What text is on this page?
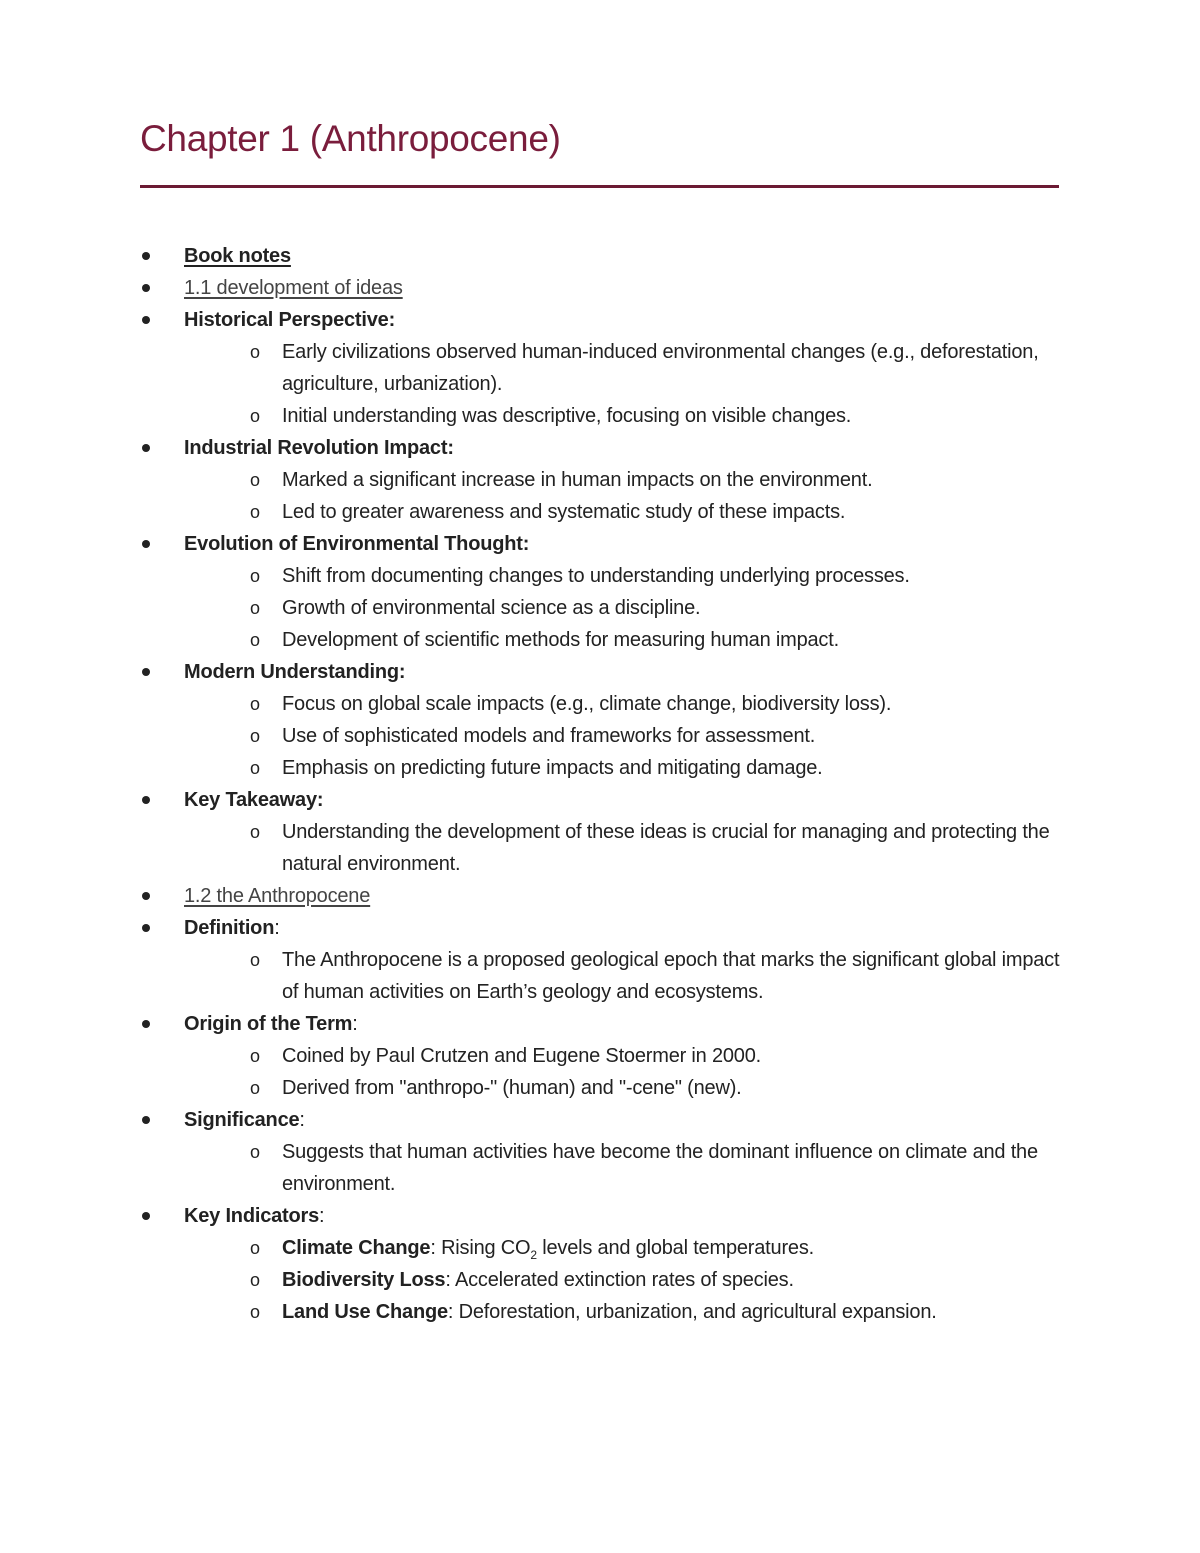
Chapter 1 (Anthropocene)
Book notes
1.1 development of ideas
Historical Perspective:
o Early civilizations observed human-induced environmental changes (e.g., deforestation, agriculture, urbanization).
o Initial understanding was descriptive, focusing on visible changes.
Industrial Revolution Impact:
o Marked a significant increase in human impacts on the environment.
o Led to greater awareness and systematic study of these impacts.
Evolution of Environmental Thought:
o Shift from documenting changes to understanding underlying processes.
o Growth of environmental science as a discipline.
o Development of scientific methods for measuring human impact.
Modern Understanding:
o Focus on global scale impacts (e.g., climate change, biodiversity loss).
o Use of sophisticated models and frameworks for assessment.
o Emphasis on predicting future impacts and mitigating damage.
Key Takeaway:
o Understanding the development of these ideas is crucial for managing and protecting the natural environment.
1.2 the Anthropocene
Definition:
o The Anthropocene is a proposed geological epoch that marks the significant global impact of human activities on Earth’s geology and ecosystems.
Origin of the Term:
o Coined by Paul Crutzen and Eugene Stoermer in 2000.
o Derived from "anthropo-" (human) and "-cene" (new).
Significance:
o Suggests that human activities have become the dominant influence on climate and the environment.
Key Indicators:
o Climate Change: Rising $CO_2$ levels and global temperatures.
o Biodiversity Loss: Accelerated extinction rates of species.
o Land Use Change: Deforestation, urbanization, and agricultural expansion.
